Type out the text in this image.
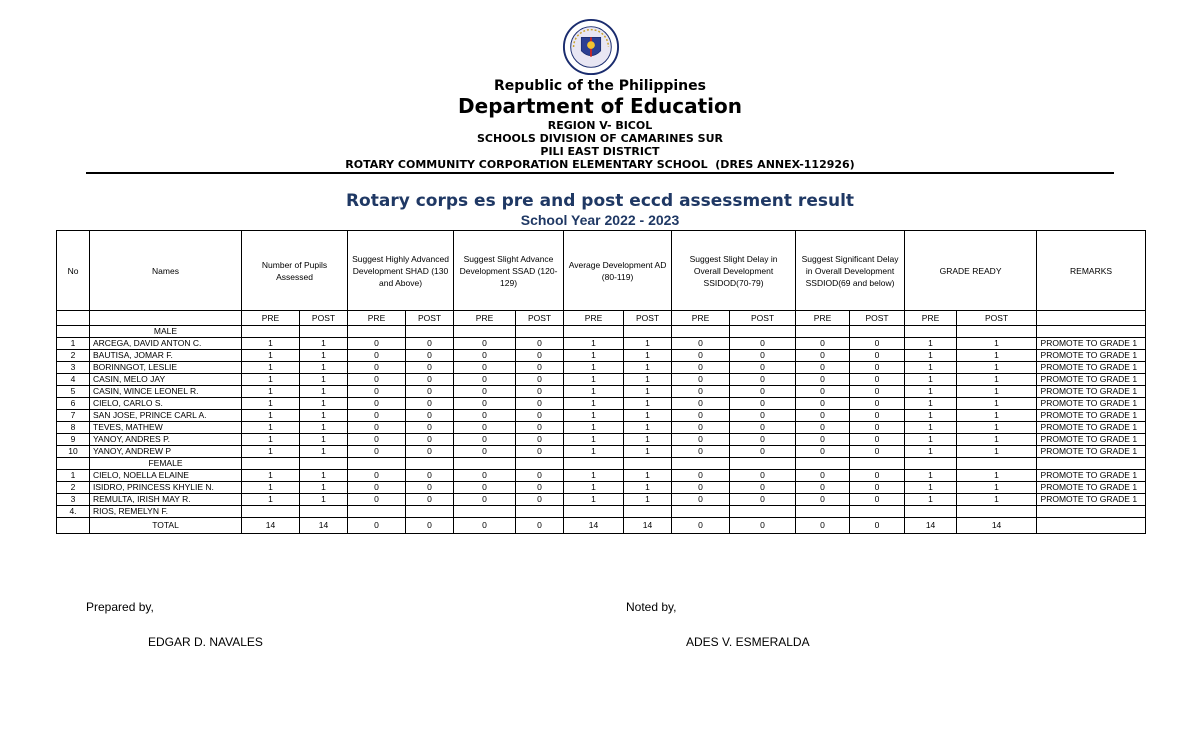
Republic of the Philippines
Department of Education
REGION V- BICOL
SCHOOLS DIVISION OF CAMARINES SUR
PILI EAST DISTRICT
ROTARY COMMUNITY CORPORATION ELEMENTARY SCHOOL  (DRES ANNEX-112926)
Rotary corps es pre and post eccd assessment result
School Year 2022 - 2023
No	Names	Number of Pupils Assessed		Suggest Highly Advanced Development SHAD (130 and Above)		Suggest Slight Advance Development SSAD (120-129)		Average Development AD (80-119)		Suggest Slight Delay in Overall Development SSIDOD(70-79)		Suggest Significant Delay in Overall Development SSDIOD(69 and below)		GRADE READY		REMARKS
		PRE	POST	PRE	POST	PRE	POST	PRE	POST	PRE	POST	PRE	POST	PRE	POST	
	MALE															
1	ARCEGA, DAVID ANTON C.	1	1	0	0	0	0	1	1	0	0	0	0	1	1	PROMOTE TO GRADE 1
2	BAUTISA, JOMAR F.	1	1	0	0	0	0	1	1	0	0	0	0	1	1	PROMOTE TO GRADE 1
3	BORINNGOT, LESLIE	1	1	0	0	0	0	1	1	0	0	0	0	1	1	PROMOTE TO GRADE 1
4	CASIN, MELO JAY	1	1	0	0	0	0	1	1	0	0	0	0	1	1	PROMOTE TO GRADE 1
5	CASIN, WINCE LEONEL R.	1	1	0	0	0	0	1	1	0	0	0	0	1	1	PROMOTE TO GRADE 1
6	CIELO, CARLO S.	1	1	0	0	0	0	1	1	0	0	0	0	1	1	PROMOTE TO GRADE 1
7	SAN JOSE, PRINCE CARL A.	1	1	0	0	0	0	1	1	0	0	0	0	1	1	PROMOTE TO GRADE 1
8	TEVES, MATHEW	1	1	0	0	0	0	1	1	0	0	0	0	1	1	PROMOTE TO GRADE 1
9	YANOY, ANDRES P.	1	1	0	0	0	0	1	1	0	0	0	0	1	1	PROMOTE TO GRADE 1
10	YANOY, ANDREW P	1	1	0	0	0	0	1	1	0	0	0	0	1	1	PROMOTE TO GRADE 1
	FEMALE															
1	CIELO, NOELLA ELAINE	1	1	0	0	0	0	1	1	0	0	0	0	1	1	PROMOTE TO GRADE 1
2	ISIDRO, PRINCESS KHYLIE N.	1	1	0	0	0	0	1	1	0	0	0	0	1	1	PROMOTE TO GRADE 1
3	REMULTA, IRISH MAY R.	1	1	0	0	0	0	1	1	0	0	0	0	1	1	PROMOTE TO GRADE 1
4.	RIOS, REMELYN F.															
	TOTAL	14	14	0	0	0	0	14	14	0	0	0	0	14	14	
Prepared by,
EDGAR D. NAVALES
Noted by,
ADES V. ESMERALDA
